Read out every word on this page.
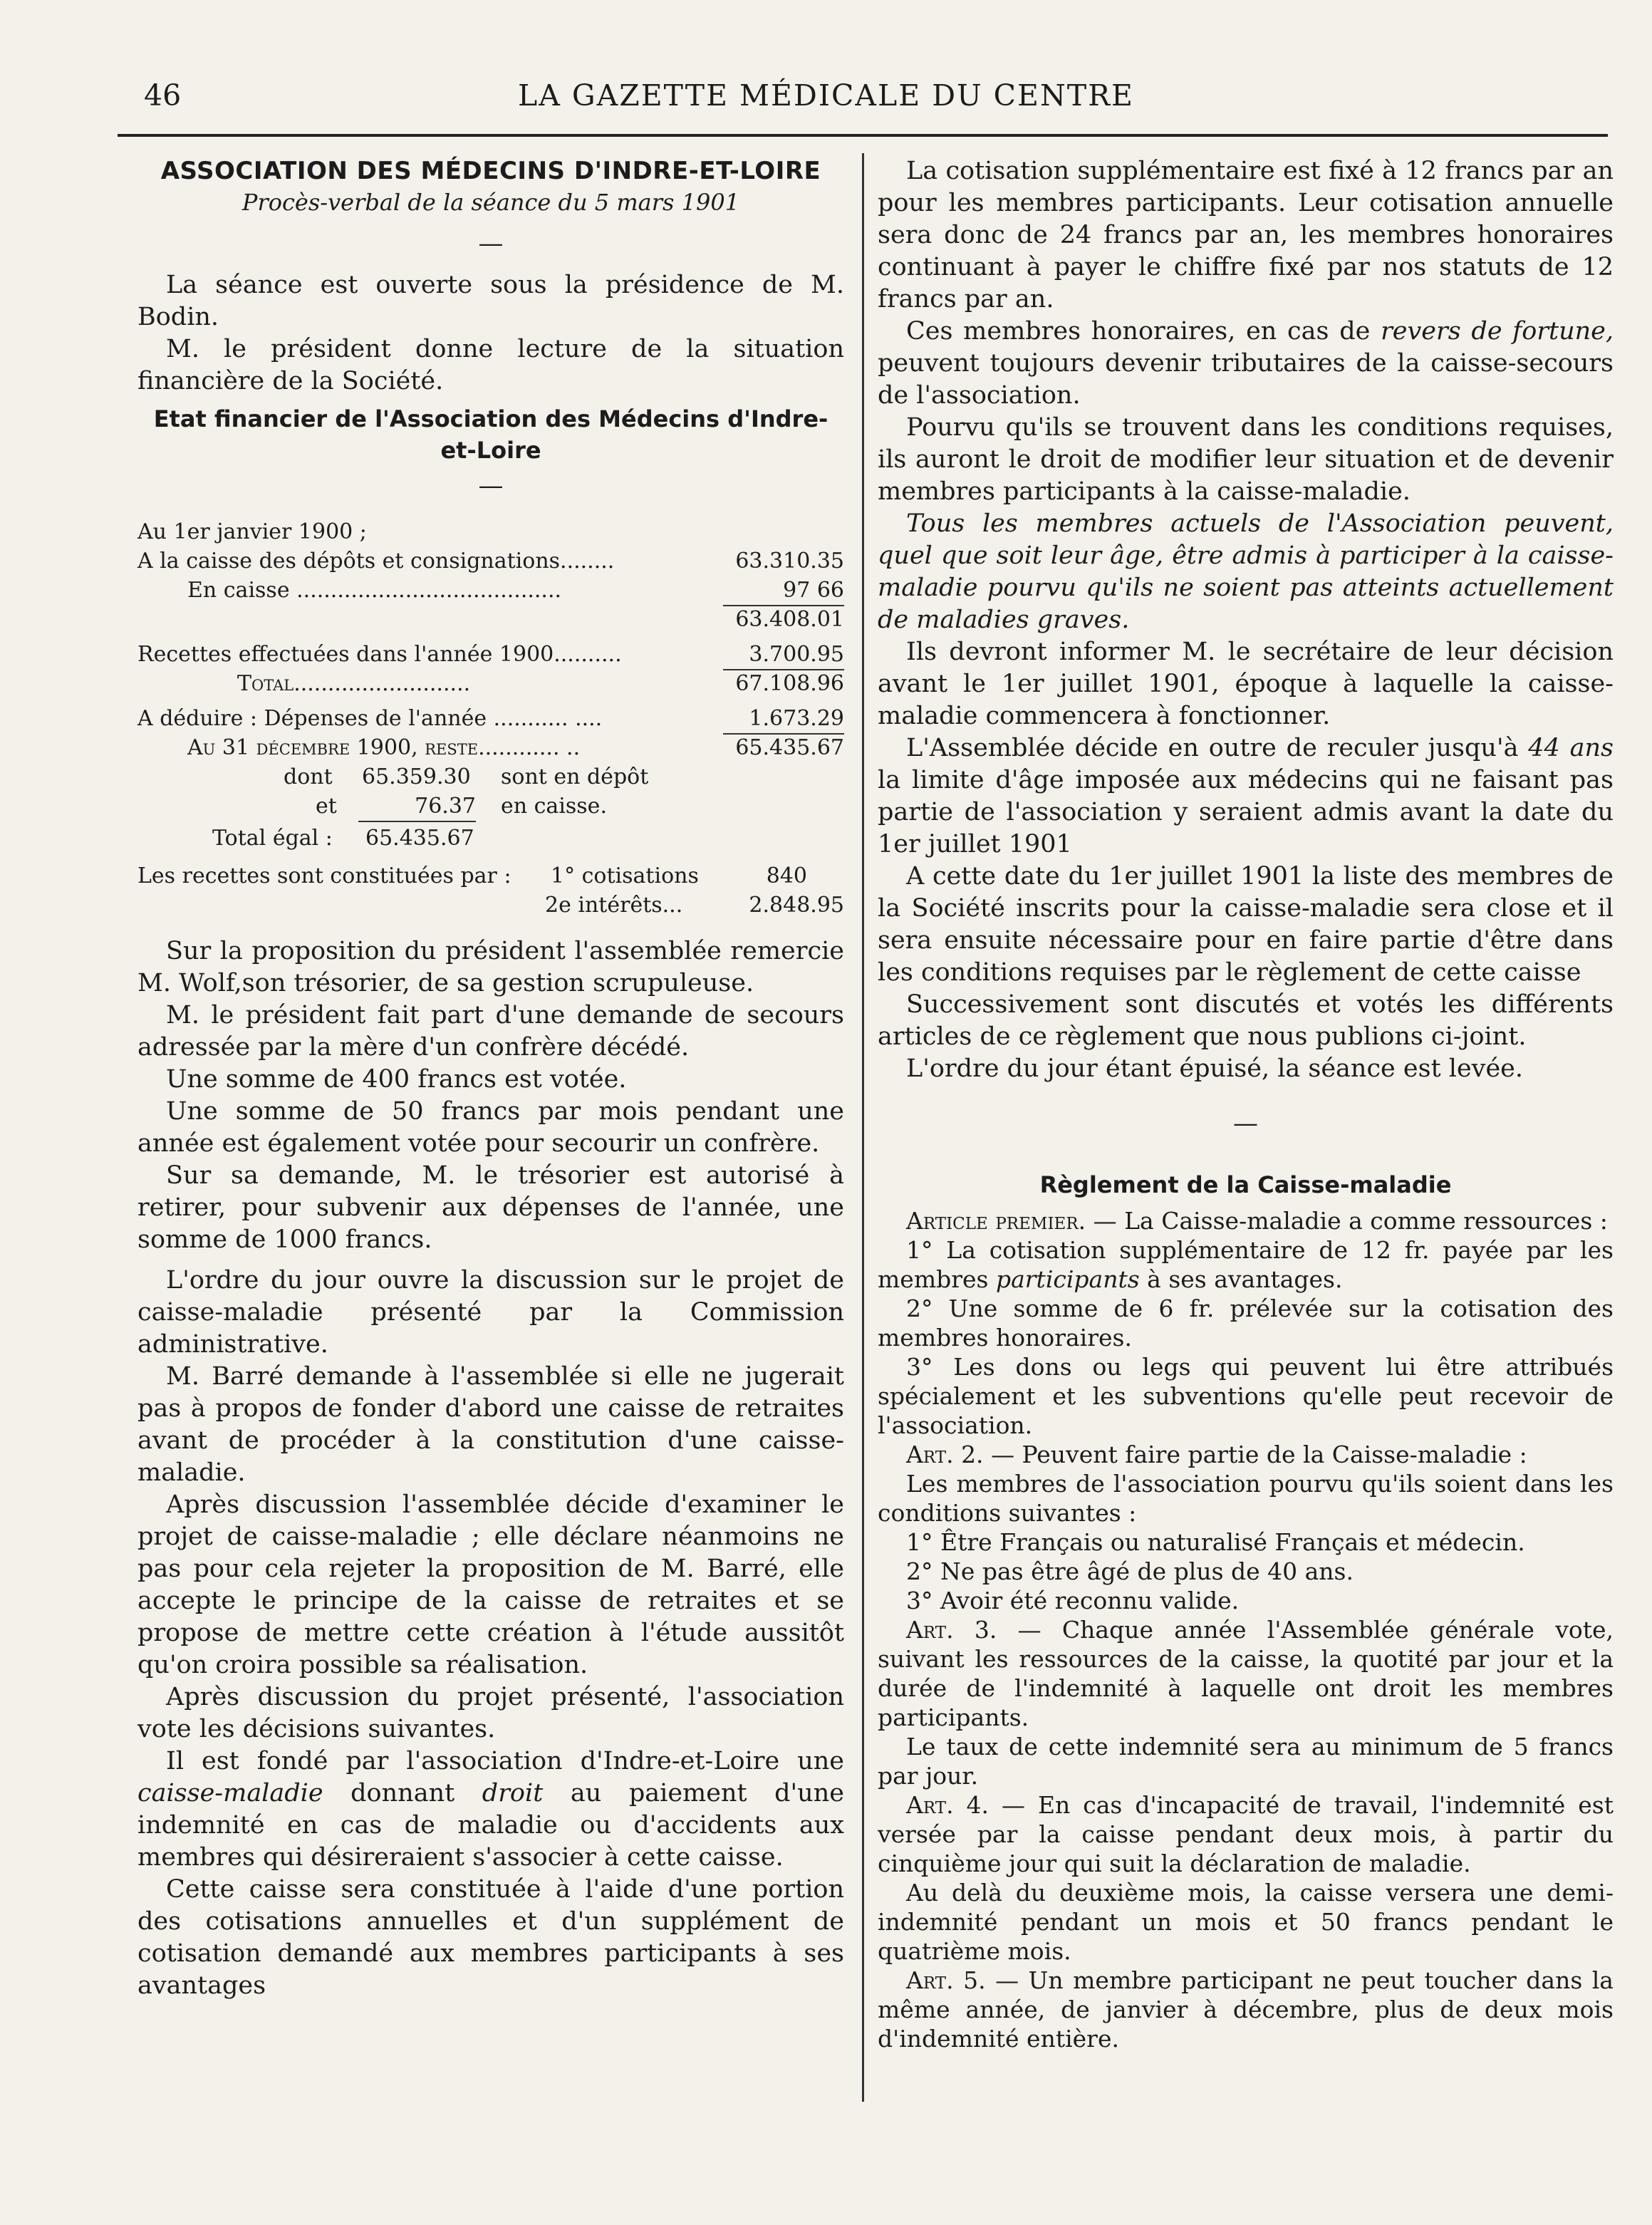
46	LA GAZETTE MÉDICALE DU CENTRE

ASSOCIATION DES MÉDECINS D'INDRE-ET-LOIRE

Procès-verbal de la séance du 5 mars 1901

—

La séance est ouverte sous la présidence de M. Bodin.

M. le président donne lecture de la situation financière de la Société.

Etat financier de l'Association des Médecins d'Indre-et-Loire

—

Au 1er janvier 1900 ;
A la caisse des dépôts et consignations........	63.310.35
En caisse .......................................	97 66
63.408.01
Recettes effectuées dans l'année 1900..........	3.700.95
Total..........................	67.108.96
A déduire : Dépenses de l'année ........... ....	1.673.29
Au 31 décembre 1900, reste............ ..	65.435.67
dont 65.359.30 sont en dépôt
et	76.37 en caisse.
Total égal : 65.435.67
Les recettes sont constituées par : 1° cotisations	840
2e intérêts...	2.848.95

Sur la proposition du président l'assemblée remercie M. Wolf,son trésorier, de sa gestion scrupuleuse.

M. le président fait part d'une demande de secours adressée par la mère d'un confrère décédé.

Une somme de 400 francs est votée.

Une somme de 50 francs par mois pendant une année est également votée pour secourir un confrère.

Sur sa demande, M. le trésorier est autorisé à retirer, pour subvenir aux dépenses de l'année, une somme de 1000 francs.

L'ordre du jour ouvre la discussion sur le projet de caisse-maladie présenté par la Commission administrative.

M. Barré demande à l'assemblée si elle ne jugerait pas à propos de fonder d'abord une caisse de retraites avant de procéder à la constitution d'une caisse-maladie.

Après discussion l'assemblée décide d'examiner le projet de caisse-maladie ; elle déclare néanmoins ne pas pour cela rejeter la proposition de M. Barré, elle accepte le principe de la caisse de retraites et se propose de mettre cette création à l'étude aussitôt qu'on croira possible sa réalisation.

Après discussion du projet présenté, l'association vote les décisions suivantes.

Il est fondé par l'association d'Indre-et-Loire une caisse-maladie donnant droit au paiement d'une indemnité en cas de maladie ou d'accidents aux membres qui désireraient s'associer à cette caisse.

Cette caisse sera constituée à l'aide d'une portion des cotisations annuelles et d'un supplément de cotisation demandé aux membres participants à ses avantages

La cotisation supplémentaire est fixé à 12 francs par an pour les membres participants. Leur cotisation annuelle sera donc de 24 francs par an, les membres honoraires continuant à payer le chiffre fixé par nos statuts de 12 francs par an.

Ces membres honoraires, en cas de revers de fortune, peuvent toujours devenir tributaires de la caisse-secours de l'association.

Pourvu qu'ils se trouvent dans les conditions requises, ils auront le droit de modifier leur situation et de devenir membres participants à la caisse-maladie.

Tous les membres actuels de l'Association peuvent, quel que soit leur âge, être admis à participer à la caisse-maladie pourvu qu'ils ne soient pas atteints actuellement de maladies graves.

Ils devront informer M. le secrétaire de leur décision avant le 1er juillet 1901, époque à laquelle la caisse-maladie commencera à fonctionner.

L'Assemblée décide en outre de reculer jusqu'à 44 ans la limite d'âge imposée aux médecins qui ne faisant pas partie de l'association y seraient admis avant la date du 1er juillet 1901

A cette date du 1er juillet 1901 la liste des membres de la Société inscrits pour la caisse-maladie sera close et il sera ensuite nécessaire pour en faire partie d'être dans les conditions requises par le règlement de cette caisse

Successivement sont discutés et votés les différents articles de ce règlement que nous publions ci-joint.

L'ordre du jour étant épuisé, la séance est levée.

—

Règlement de la Caisse-maladie

Article premier. — La Caisse-maladie a comme ressources :

1° La cotisation supplémentaire de 12 fr. payée par les membres participants à ses avantages.

2° Une somme de 6 fr. prélevée sur la cotisation des membres honoraires.

3° Les dons ou legs qui peuvent lui être attribués spécialement et les subventions qu'elle peut recevoir de l'association.

Art. 2. — Peuvent faire partie de la Caisse-maladie :

Les membres de l'association pourvu qu'ils soient dans les conditions suivantes :

1° Être Français ou naturalisé Français et médecin.

2° Ne pas être âgé de plus de 40 ans.

3° Avoir été reconnu valide.

Art. 3. — Chaque année l'Assemblée générale vote, suivant les ressources de la caisse, la quotité par jour et la durée de l'indemnité à laquelle ont droit les membres participants.

Le taux de cette indemnité sera au minimum de 5 francs par jour.

Art. 4. — En cas d'incapacité de travail, l'indemnité est versée par la caisse pendant deux mois, à partir du cinquième jour qui suit la déclaration de maladie.

Au delà du deuxième mois, la caisse versera une demi-indemnité pendant un mois et 50 francs pendant le quatrième mois.

Art. 5. — Un membre participant ne peut toucher dans la même année, de janvier à décembre, plus de deux mois d'indemnité entière.
